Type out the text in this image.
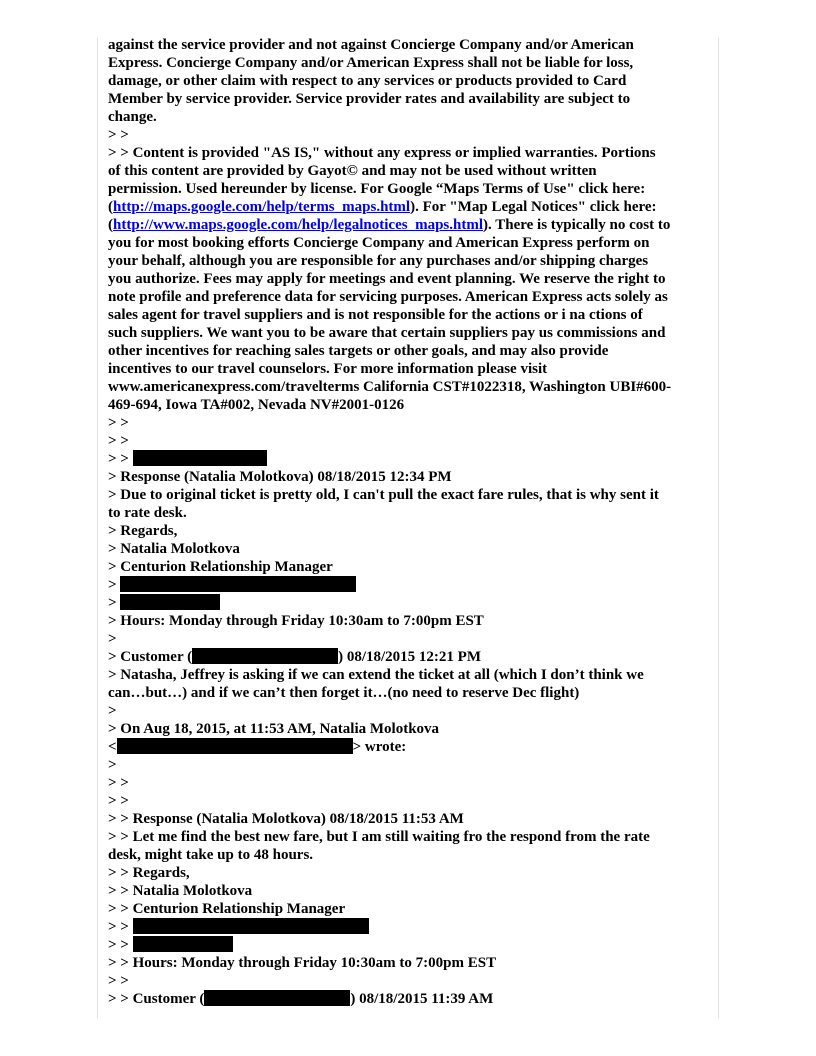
against the service provider and not against Concierge Company and/or American
Express. Concierge Company and/or American Express shall not be liable for loss,
damage, or other claim with respect to any services or products provided to Card
Member by service provider. Service provider rates and availability are subject to
change.
> >
> > Content is provided "AS IS," without any express or implied warranties. Portions
of this content are provided by Gayot© and may not be used without written
permission. Used hereunder by license. For Google “Maps Terms of Use" click here:
(http://maps.google.com/help/terms_maps.html). For "Map Legal Notices" click here:
(http://www.maps.google.com/help/legalnotices_maps.html). There is typically no cost to
you for most booking efforts Concierge Company and American Express perform on
your behalf, although you are responsible for any purchases and/or shipping charges
you authorize. Fees may apply for meetings and event planning. We reserve the right to
note profile and preference data for servicing purposes. American Express acts solely as
sales agent for travel suppliers and is not responsible for the actions or i na ctions of
such suppliers. We want you to be aware that certain suppliers pay us commissions and
other incentives for reaching sales targets or other goals, and may also provide
incentives to our travel counselors. For more information please visit
www.americanexpress.com/travelterms California CST#1022318, Washington UBI#600-
469-694, Iowa TA#002, Nevada NV#2001-0126
> >
> >
> >
> Response (Natalia Molotkova) 08/18/2015 12:34 PM
> Due to original ticket is pretty old, I can't pull the exact fare rules, that is why sent it
to rate desk.
> Regards,
> Natalia Molotkova
> Centurion Relationship Manager
>
>
> Hours: Monday through Friday 10:30am to 7:00pm EST
>
> Customer (	) 08/18/2015 12:21 PM
> Natasha, Jeffrey is asking if we can extend the ticket at all (which I don’t think we
can…but…) and if we can’t then forget it…(no need to reserve Dec flight)
>
> On Aug 18, 2015, at 11:53 AM, Natalia Molotkova
<	> wrote:
>
> >
> >
> > Response (Natalia Molotkova) 08/18/2015 11:53 AM
> > Let me find the best new fare, but I am still waiting fro the respond from the rate
desk, might take up to 48 hours.
> > Regards,
> > Natalia Molotkova
> > Centurion Relationship Manager
> >
> >
> > Hours: Monday through Friday 10:30am to 7:00pm EST
> >
> > Customer (	) 08/18/2015 11:39 AM
